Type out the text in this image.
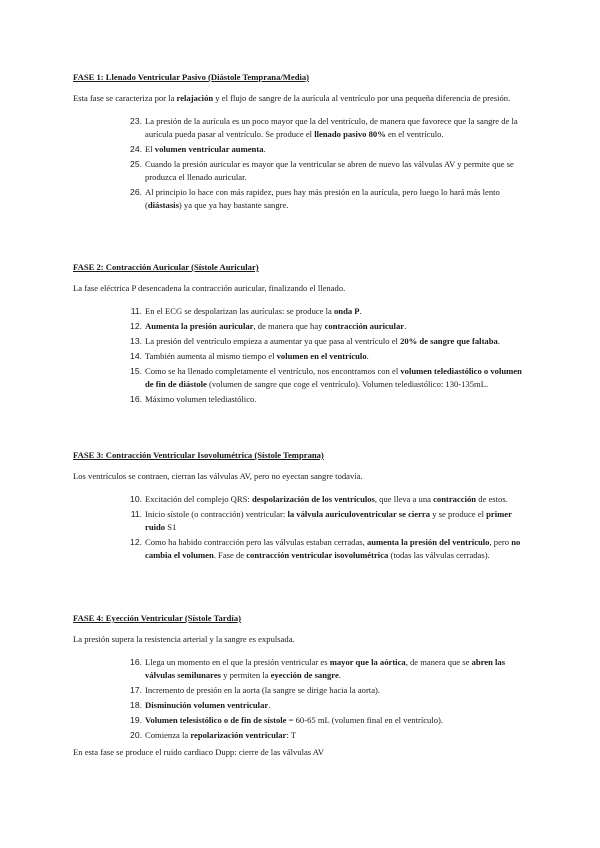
FASE 1: Llenado Ventricular Pasivo (Diástole Temprana/Media)

Esta fase se caracteriza por la relajación y el flujo de sangre de la aurícula al ventrículo por una pequeña diferencia de presión.

23. La presión de la aurícula es un poco mayor que la del ventrículo, de manera que favorece que la sangre de la aurícula pueda pasar al ventrículo. Se produce el llenado pasivo 80% en el ventrículo.
24. El volumen ventricular aumenta.
25. Cuando la presión auricular es mayor que la ventricular se abren de nuevo las válvulas AV y permite que se produzca el llenado auricular.
26. Al principio lo hace con más rapidez, pues hay más presión en la aurícula, pero luego lo hará más lento (diástasis) ya que ya hay bastante sangre.

FASE 2: Contracción Auricular (Sístole Auricular)

La fase eléctrica P desencadena la contracción auricular, finalizando el llenado.

11. En el ECG se despolarizan las aurículas: se produce la onda P.
12. Aumenta la presión auricular, de manera que hay contracción auricular.
13. La presión del ventrículo empieza a aumentar ya que pasa al ventrículo el 20% de sangre que faltaba.
14. También aumenta al mismo tiempo el volumen en el ventrículo.
15. Como se ha llenado completamente el ventrículo, nos encontramos con el volumen telediastólico o volumen de fin de diástole (volumen de sangre que coge el ventrículo). Volumen telediastólico: 130-135mL.
16. Máximo volumen telediastólico.

FASE 3: Contracción Ventricular Isovolumétrica (Sístole Temprana)

Los ventrículos se contraen, cierran las válvulas AV, pero no eyectan sangre todavía.

10. Excitación del complejo QRS: despolarización de los ventrículos, que lleva a una contracción de estos.
11. Inicio sístole (o contracción) ventricular: la válvula auriculoventricular se cierra y se produce el primer ruido S1
12. Como ha habido contracción pero las válvulas estaban cerradas, aumenta la presión del ventrículo, pero no cambia el volumen. Fase de contracción ventricular isovolumétrica (todas las válvulas cerradas).

FASE 4: Eyección Ventricular (Sístole Tardía)

La presión supera la resistencia arterial y la sangre es expulsada.

16. Llega un momento en el que la presión ventricular es mayor que la aórtica, de manera que se abren las válvulas semilunares y permiten la eyección de sangre.
17. Incremento de presión en la aorta (la sangre se dirige hacia la aorta).
18. Disminución volumen ventricular.
19. Volumen telesistólico o de fin de sístole = 60-65 mL (volumen final en el ventrículo).
20. Comienza la repolarización ventricular: T

En esta fase se produce el ruido cardiaco Dupp: cierre de las válvulas AV
